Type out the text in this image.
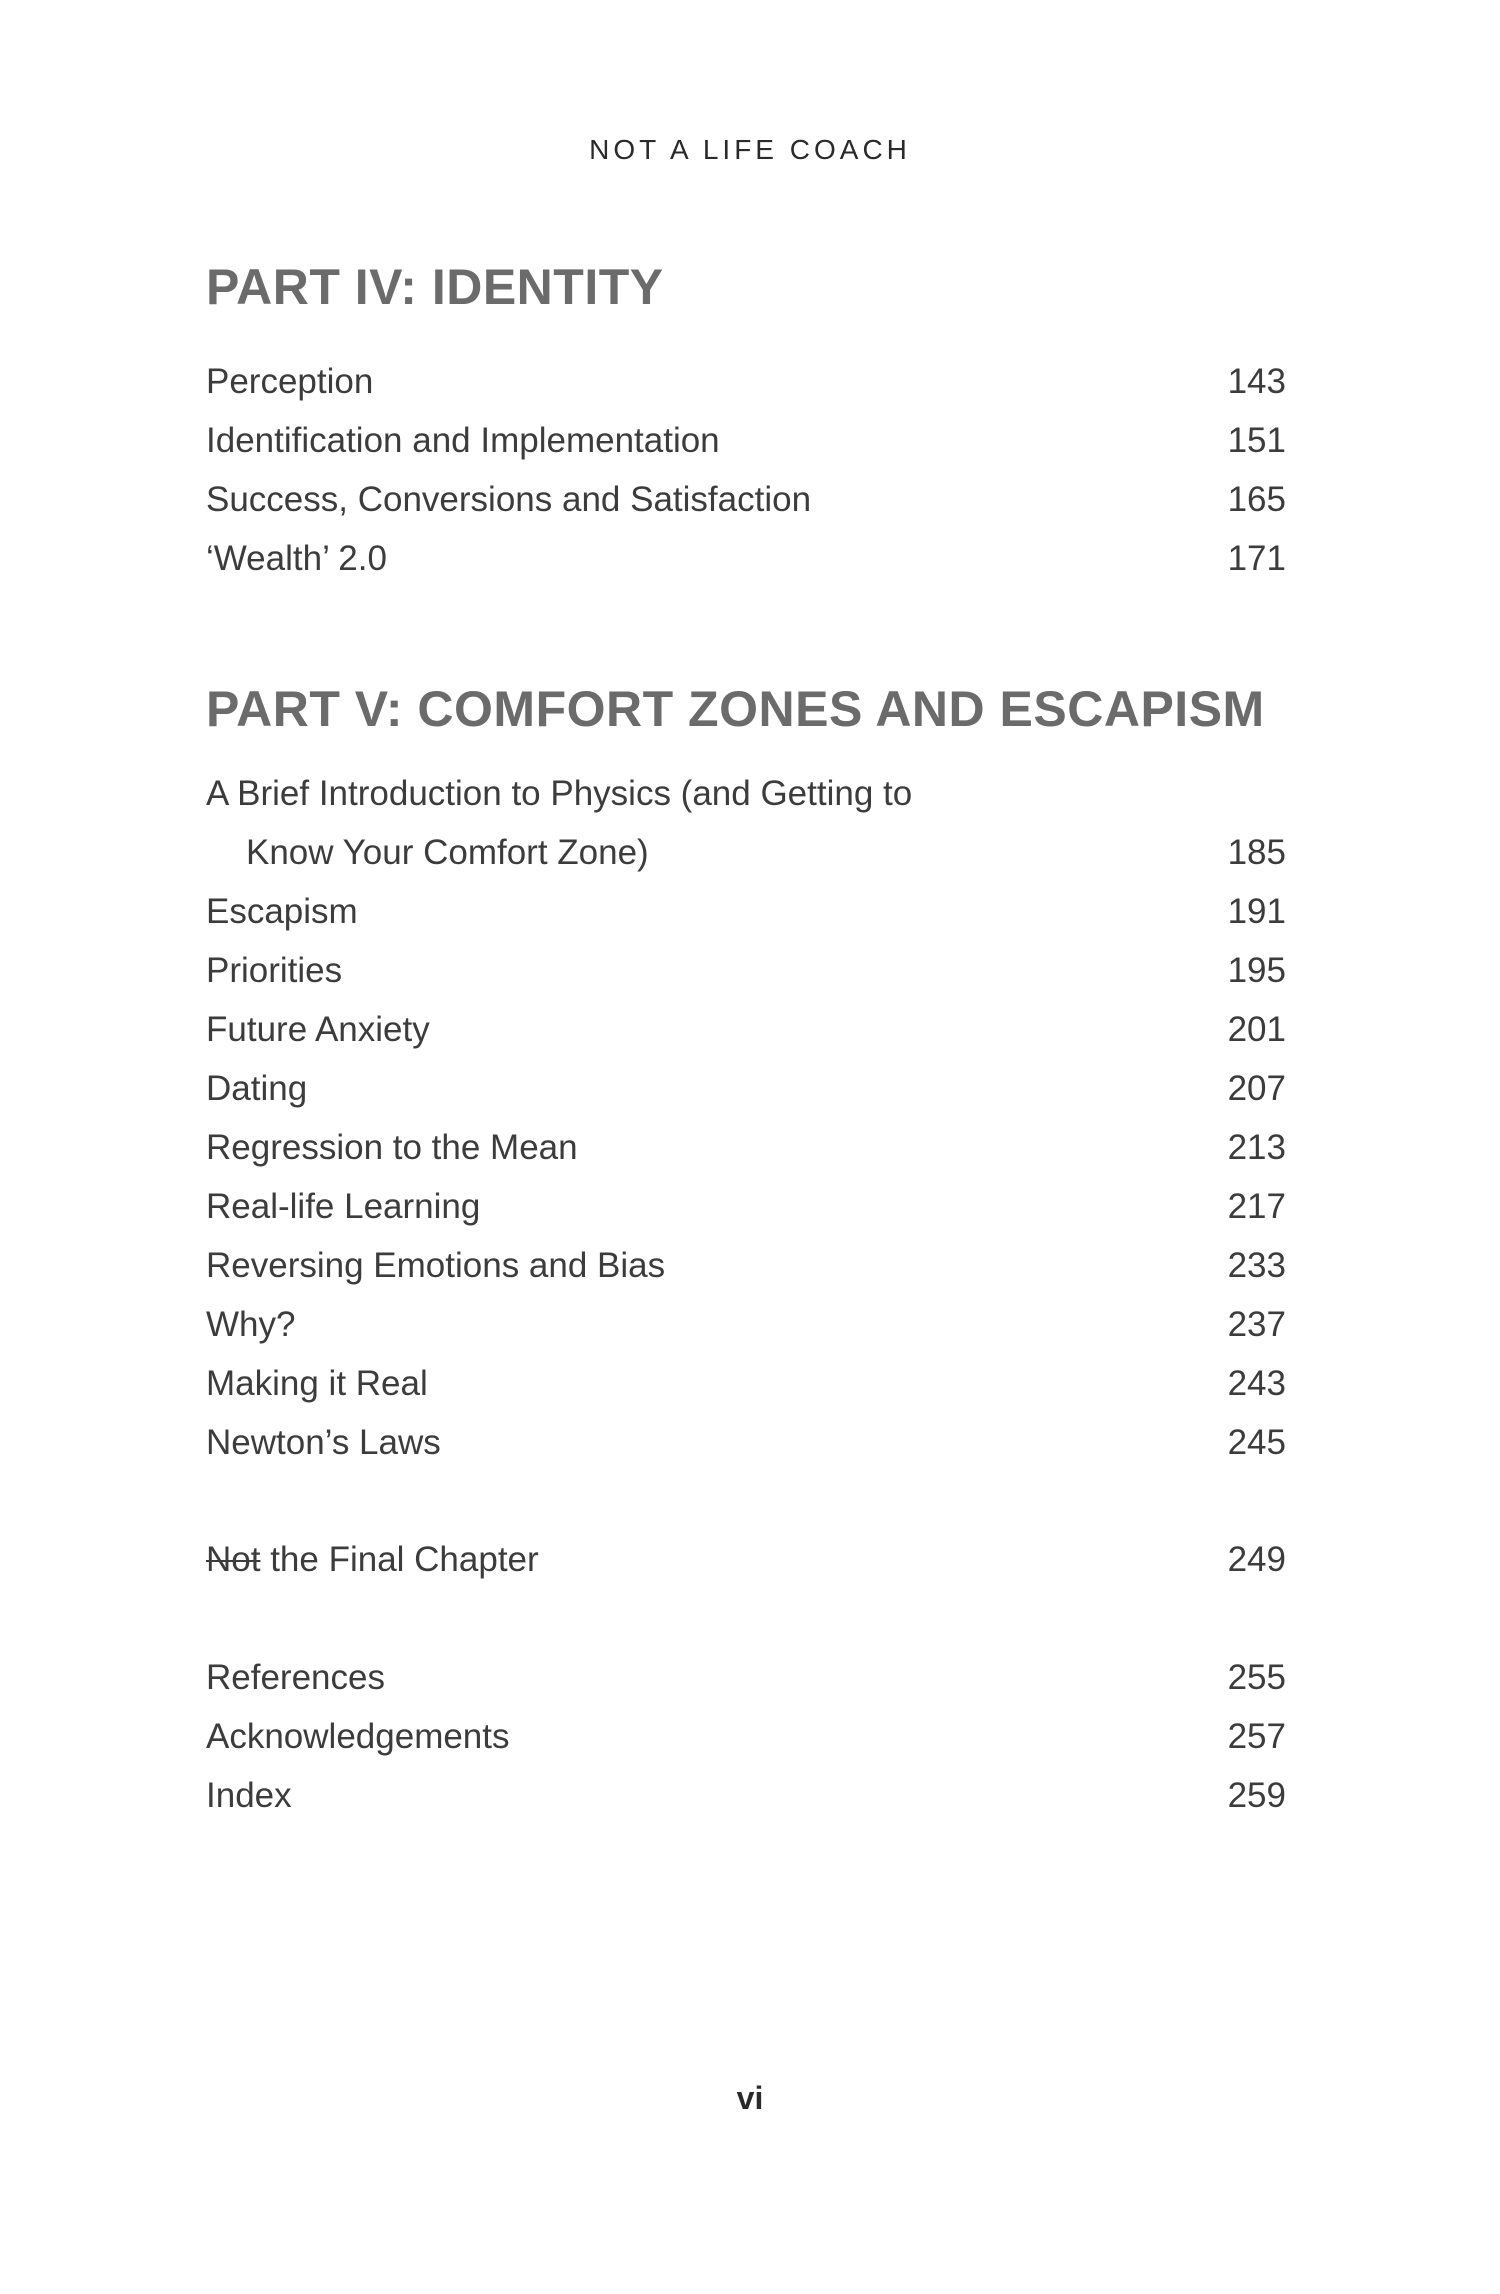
NOT A LIFE COACH
PART IV: IDENTITY
Perception	143
Identification and Implementation	151
Success, Conversions and Satisfaction	165
‘Wealth’ 2.0	171
PART V: COMFORT ZONES AND ESCAPISM
A Brief Introduction to Physics (and Getting to
Know Your Comfort Zone)	185
Escapism	191
Priorities	195
Future Anxiety	201
Dating	207
Regression to the Mean	213
Real-life Learning	217
Reversing Emotions and Bias	233
Why?	237
Making it Real	243
Newton’s Laws	245
Not the Final Chapter	249
References	255
Acknowledgements	257
Index	259
vi
